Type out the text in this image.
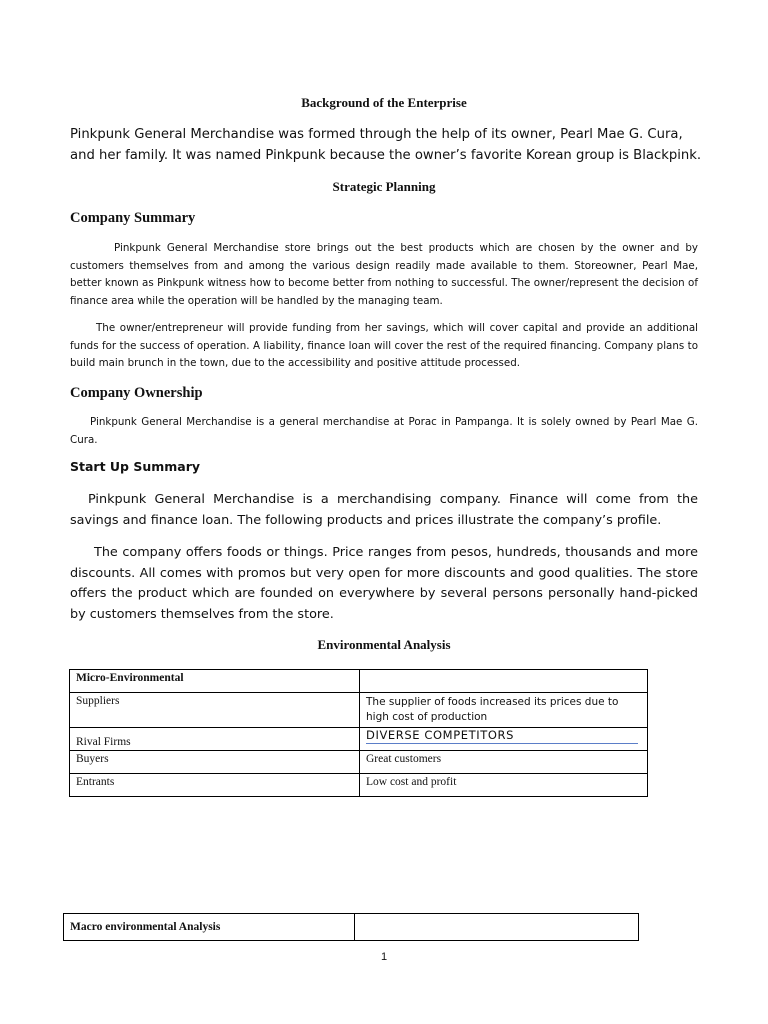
Background of the Enterprise

Pinkpunk General Merchandise was formed through the help of its owner, Pearl Mae G. Cura, and her family. It was named Pinkpunk because the owner’s favorite Korean group is Blackpink.

Strategic Planning
Company Summary

Pinkpunk General Merchandise store brings out the best products which are chosen by the owner and by customers themselves from and among the various design readily made available to them. Storeowner, Pearl Mae, better known as Pinkpunk witness how to become better from nothing to successful. The owner/represent the decision of finance area while the operation will be handled by the managing team.

The owner/entrepreneur will provide funding from her savings, which will cover capital and provide an additional funds for the success of operation. A liability, finance loan will cover the rest of the required financing. Company plans to build main brunch in the town, due to the accessibility and positive attitude processed.

Company Ownership

Pinkpunk General Merchandise is a general merchandise at Porac in Pampanga. It is solely owned by Pearl Mae G. Cura.

Start Up Summary

Pinkpunk General Merchandise is a merchandising company. Finance will come from the savings and finance loan. The following products and prices illustrate the company’s profile.

The company offers foods or things. Price ranges from pesos, hundreds, thousands and more discounts. All comes with promos but very open for more discounts and good qualities. The store offers the product which are founded on everywhere by several persons personally hand-picked by customers themselves from the store.

Environmental Analysis
Micro-Environmental	
Suppliers	The supplier of foods increased its prices due to high cost of production
Rival Firms	DIVERSE COMPETITORS

Buyers	Great customers
Entrants	Low cost and profit
Macro environmental Analysis	
1
